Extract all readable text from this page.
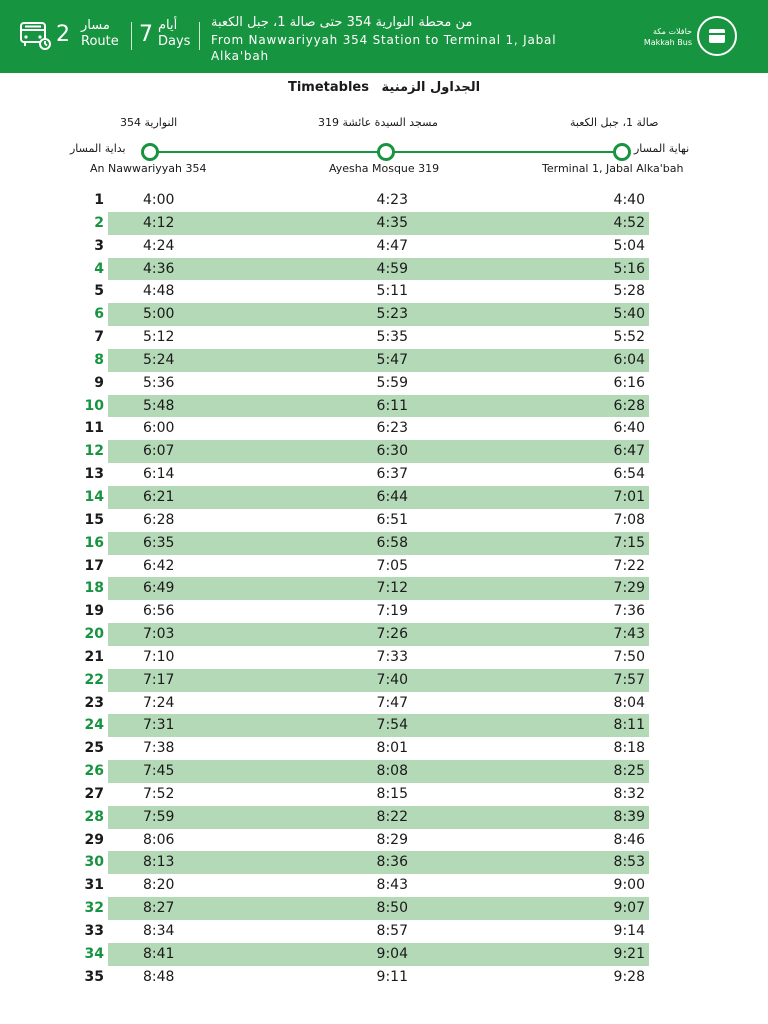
2 مسار
Route 7 أيام
Days
من محطة النوارية 354 حتى صالة 1، جبل الكعبة
From Nawwariyyah 354 Station to Terminal 1, Jabal Alka'bah
حافلات مكة
Makkah Bus
Timetables الجداول الزمنية
النوارية 354	319 مسجد السيدة عائشة	صالة 1، جبل الكعبة
بداية المسار	نهاية المسار
An Nawwariyyah 354	Ayesha Mosque 319	Terminal 1, Jabal Alka'bah
1	4:00	4:23	4:40
2	4:12	4:35	4:52
3	4:24	4:47	5:04
4	4:36	4:59	5:16
5	4:48	5:11	5:28
6	5:00	5:23	5:40
7	5:12	5:35	5:52
8	5:24	5:47	6:04
9	5:36	5:59	6:16
10	5:48	6:11	6:28
11	6:00	6:23	6:40
12	6:07	6:30	6:47
13	6:14	6:37	6:54
14	6:21	6:44	7:01
15	6:28	6:51	7:08
16	6:35	6:58	7:15
17	6:42	7:05	7:22
18	6:49	7:12	7:29
19	6:56	7:19	7:36
20	7:03	7:26	7:43
21	7:10	7:33	7:50
22	7:17	7:40	7:57
23	7:24	7:47	8:04
24	7:31	7:54	8:11
25	7:38	8:01	8:18
26	7:45	8:08	8:25
27	7:52	8:15	8:32
28	7:59	8:22	8:39
29	8:06	8:29	8:46
30	8:13	8:36	8:53
31	8:20	8:43	9:00
32	8:27	8:50	9:07
33	8:34	8:57	9:14
34	8:41	9:04	9:21
35	8:48	9:11	9:28
